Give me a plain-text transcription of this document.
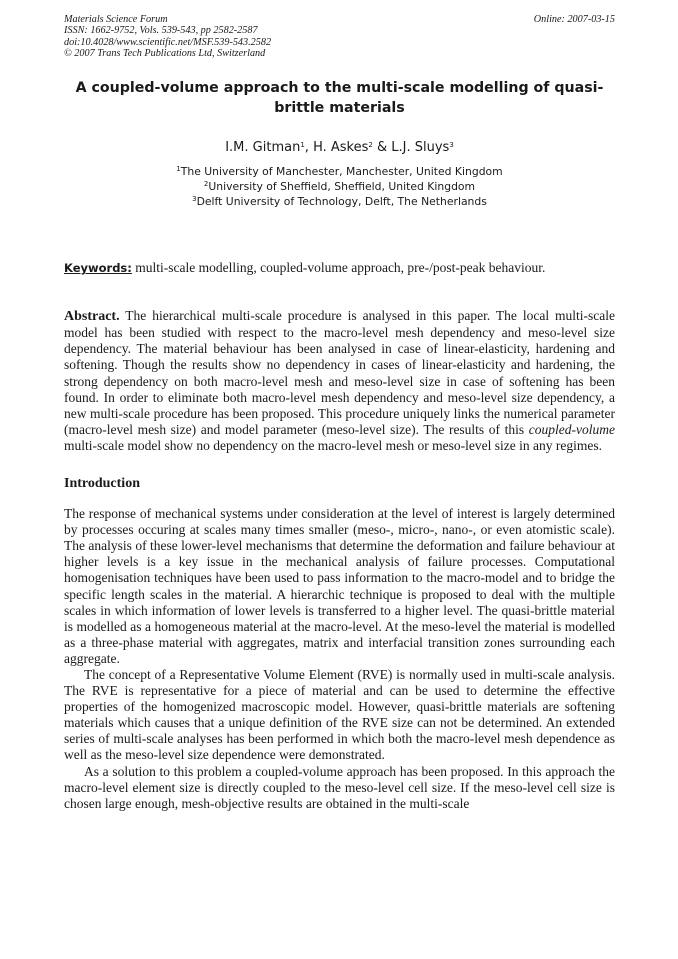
Materials Science Forum
ISSN: 1662-9752, Vols. 539-543, pp 2582-2587
doi:10.4028/www.scientific.net/MSF.539-543.2582
© 2007 Trans Tech Publications Ltd, Switzerland
Online: 2007-03-15
A coupled-volume approach to the multi-scale modelling of quasi-brittle materials
I.M. Gitman$^1$, H. Askes$^2$ & L.J. Sluys$^3$
$^1$The University of Manchester, Manchester, United Kingdom
$^2$University of Sheffield, Sheffield, United Kingdom
$^3$Delft University of Technology, Delft, The Netherlands
Keywords: multi-scale modelling, coupled-volume approach, pre-/post-peak behaviour.
Abstract. The hierarchical multi-scale procedure is analysed in this paper. The local multi-scale model has been studied with respect to the macro-level mesh dependency and meso-level size dependency. The material behaviour has been analysed in case of linear-elasticity, hardening and softening. Though the results show no dependency in cases of linear-elasticity and hardening, the strong dependency on both macro-level mesh and meso-level size in case of softening has been found. In order to eliminate both macro-level mesh dependency and meso-level size dependency, a new multi-scale procedure has been proposed. This procedure uniquely links the numerical parameter (macro-level mesh size) and model parameter (meso-level size). The results of this coupled-volume multi-scale model show no dependency on the macro-level mesh or meso-level size in any regimes.
Introduction

The response of mechanical systems under consideration at the level of interest is largely determined by processes occuring at scales many times smaller (meso-, micro-, nano-, or even atomistic scale). The analysis of these lower-level mechanisms that determine the deformation and failure behaviour at higher levels is a key issue in the mechanical analysis of failure processes. Computational homogenisation techniques have been used to pass information to the macro-model and to bridge the specific length scales in the material. A hierarchic technique is proposed to deal with the multiple scales in which information of lower levels is transferred to a higher level. The quasi-brittle material is modelled as a homogeneous material at the macro-level. At the meso-level the material is modelled as a three-phase material with aggregates, matrix and interfacial transition zones surrounding each aggregate.

The concept of a Representative Volume Element (RVE) is normally used in multi-scale analysis. The RVE is representative for a piece of material and can be used to determine the effective properties of the homogenized macroscopic model. However, quasi-brittle materials are softening materials which causes that a unique definition of the RVE size can not be determined. An extended series of multi-scale analyses has been performed in which both the macro-level mesh dependence as well as the meso-level size dependence were demonstrated.

As a solution to this problem a coupled-volume approach has been proposed. In this approach the macro-level element size is directly coupled to the meso-level cell size. If the meso-level cell size is chosen large enough, mesh-objective results are obtained in the multi-scale
